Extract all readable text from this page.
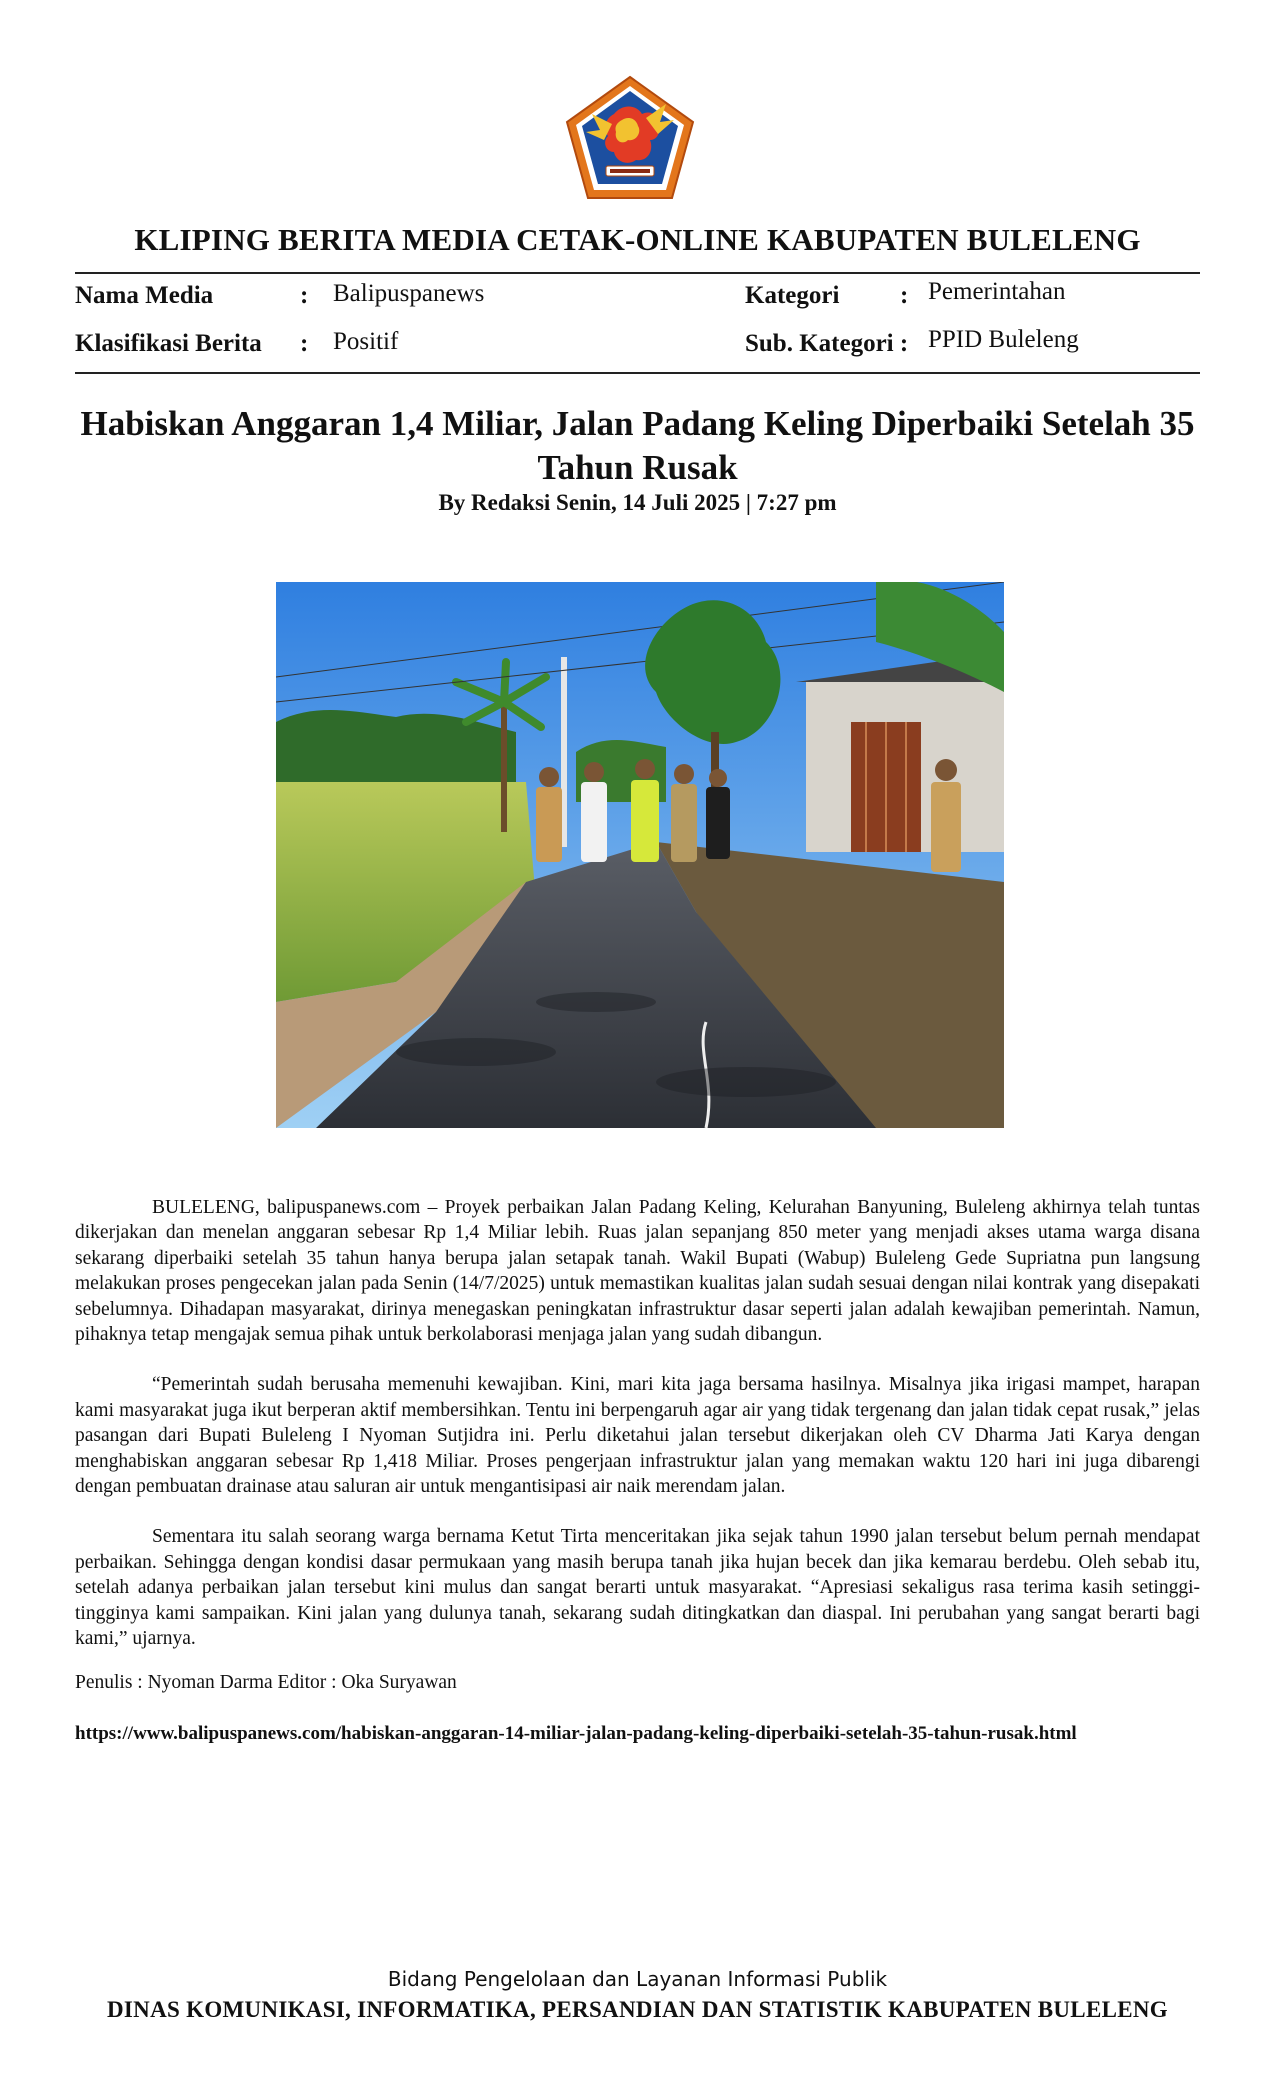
KLIPING BERITA MEDIA CETAK-ONLINE KABUPATEN BULELENG
Nama Media	: Balipuspanews
Klasifikasi Berita : Positif
Kategori : Pemerintahan
Sub. Kategori : PPID Buleleng
Habiskan Anggaran 1,4 Miliar, Jalan Padang Keling Diperbaiki Setelah 35 Tahun Rusak
By Redaksi Senin, 14 Juli 2025 | 7:27 pm

BULELENG, balipuspanews.com – Proyek perbaikan Jalan Padang Keling, Kelurahan Banyuning, Buleleng akhirnya telah tuntas dikerjakan dan menelan anggaran sebesar Rp 1,4 Miliar lebih. Ruas jalan sepanjang 850 meter yang menjadi akses utama warga disana sekarang diperbaiki setelah 35 tahun hanya berupa jalan setapak tanah. Wakil Bupati (Wabup) Buleleng Gede Supriatna pun langsung melakukan proses pengecekan jalan pada Senin (14/7/2025) untuk memastikan kualitas jalan sudah sesuai dengan nilai kontrak yang disepakati sebelumnya. Dihadapan masyarakat, dirinya menegaskan peningkatan infrastruktur dasar seperti jalan adalah kewajiban pemerintah. Namun, pihaknya tetap mengajak semua pihak untuk berkolaborasi menjaga jalan yang sudah dibangun.

“Pemerintah sudah berusaha memenuhi kewajiban. Kini, mari kita jaga bersama hasilnya. Misalnya jika irigasi mampet, harapan kami masyarakat juga ikut berperan aktif membersihkan. Tentu ini berpengaruh agar air yang tidak tergenang dan jalan tidak cepat rusak,” jelas pasangan dari Bupati Buleleng I Nyoman Sutjidra ini. Perlu diketahui jalan tersebut dikerjakan oleh CV Dharma Jati Karya dengan menghabiskan anggaran sebesar Rp 1,418 Miliar. Proses pengerjaan infrastruktur jalan yang memakan waktu 120 hari ini juga dibarengi dengan pembuatan drainase atau saluran air untuk mengantisipasi air naik merendam jalan.

Sementara itu salah seorang warga bernama Ketut Tirta menceritakan jika sejak tahun 1990 jalan tersebut belum pernah mendapat perbaikan. Sehingga dengan kondisi dasar permukaan yang masih berupa tanah jika hujan becek dan jika kemarau berdebu. Oleh sebab itu, setelah adanya perbaikan jalan tersebut kini mulus dan sangat berarti untuk masyarakat. “Apresiasi sekaligus rasa terima kasih setinggi-tingginya kami sampaikan. Kini jalan yang dulunya tanah, sekarang sudah ditingkatkan dan diaspal. Ini perubahan yang sangat berarti bagi kami,” ujarnya.

Penulis : Nyoman Darma Editor : Oka Suryawan
https://www.balipuspanews.com/habiskan-anggaran-14-miliar-jalan-padang-keling-diperbaiki-setelah-35-tahun-rusak.html
Bidang Pengelolaan dan Layanan Informasi Publik
DINAS KOMUNIKASI, INFORMATIKA, PERSANDIAN DAN STATISTIK KABUPATEN BULELENG
